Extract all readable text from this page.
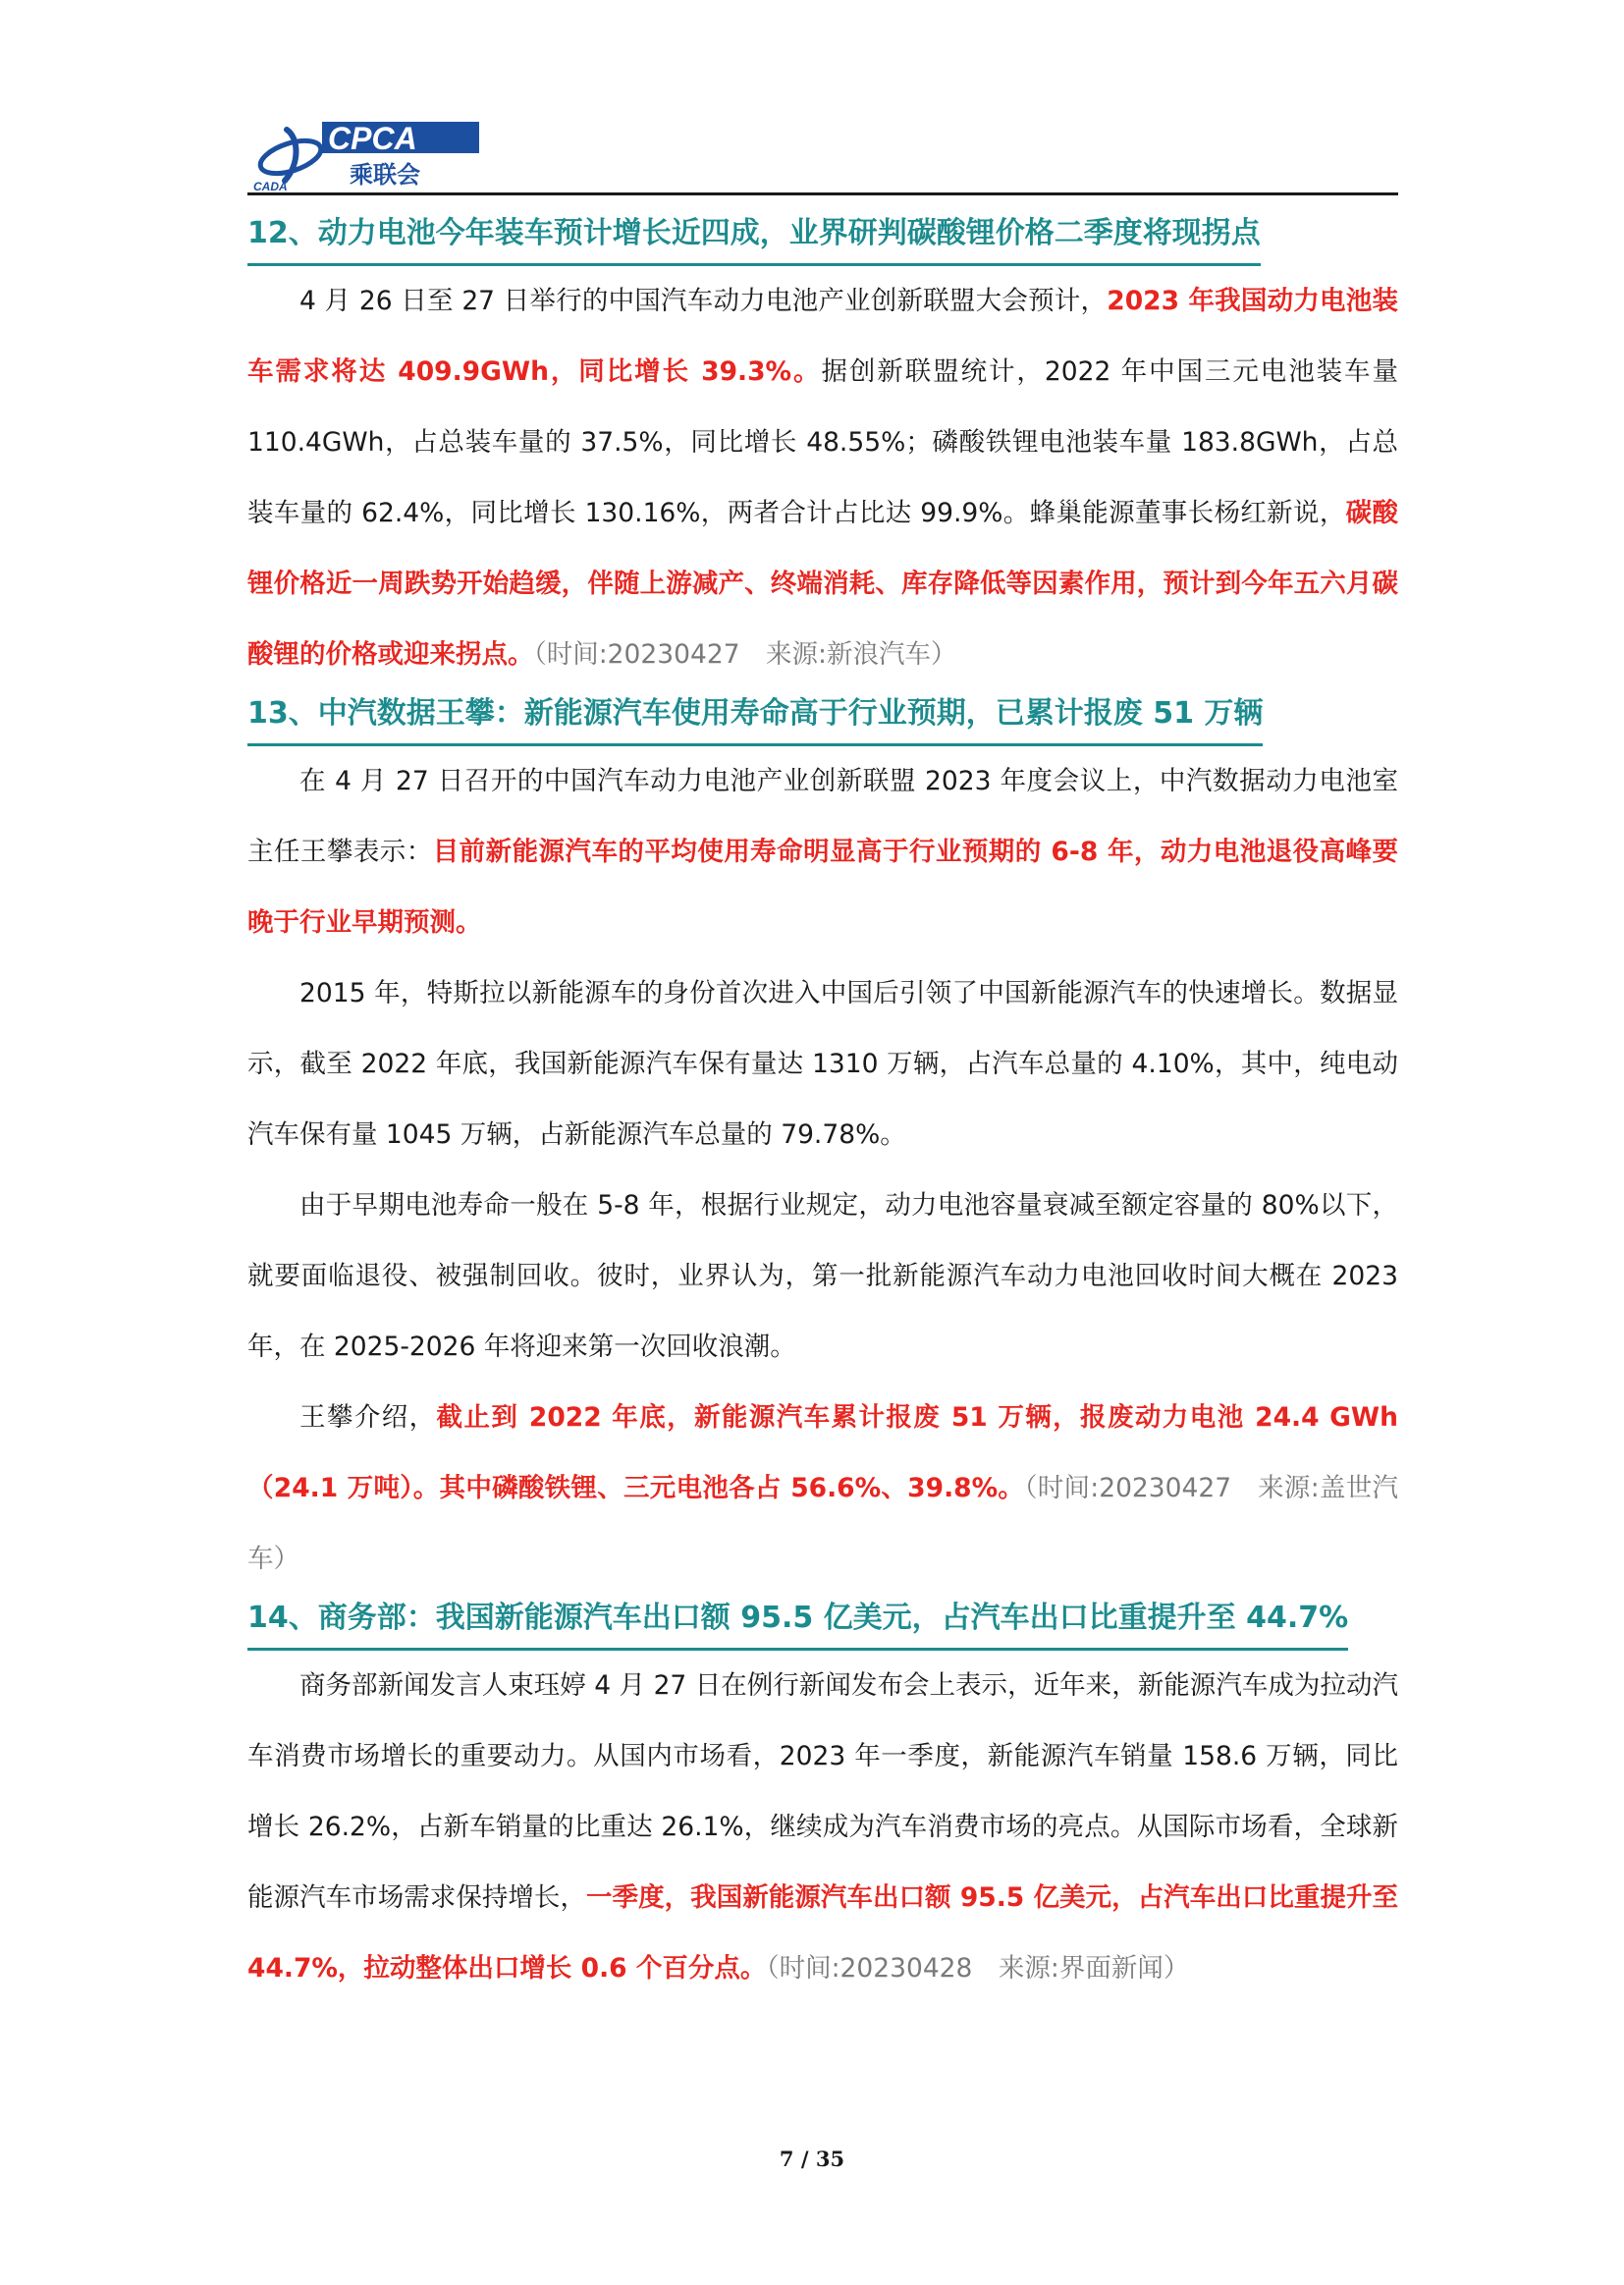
CADA
CPCA
乘联会
12、动力电池今年装车预计增长近四成，业界研判碳酸锂价格二季度将现拐点

4 月 26 日至 27 日举行的中国汽车动力电池产业创新联盟大会预计，2023 年我国动力电池装车需求将达 409.9GWh，同比增长 39.3%。据创新联盟统计，2022 年中国三元电池装车量 110.4GWh，占总装车量的 37.5%，同比增长 48.55%；磷酸铁锂电池装车量 183.8GWh，占总装车量的 62.4%，同比增长 130.16%，两者合计占比达 99.9%。蜂巢能源董事长杨红新说，碳酸锂价格近一周跌势开始趋缓，伴随上游减产、终端消耗、库存降低等因素作用，预计到今年五六月碳酸锂的价格或迎来拐点。（时间:20230427　来源:新浪汽车）

13、中汽数据王攀：新能源汽车使用寿命高于行业预期，已累计报废 51 万辆

在 4 月 27 日召开的中国汽车动力电池产业创新联盟 2023 年度会议上，中汽数据动力电池室主任王攀表示：目前新能源汽车的平均使用寿命明显高于行业预期的 6-8 年，动力电池退役高峰要晚于行业早期预测。

2015 年，特斯拉以新能源车的身份首次进入中国后引领了中国新能源汽车的快速增长。数据显示，截至 2022 年底，我国新能源汽车保有量达 1310 万辆，占汽车总量的 4.10%，其中，纯电动汽车保有量 1045 万辆，占新能源汽车总量的 79.78%。

由于早期电池寿命一般在 5-8 年，根据行业规定，动力电池容量衰减至额定容量的 80%以下，就要面临退役、被强制回收。彼时，业界认为，第一批新能源汽车动力电池回收时间大概在 2023 年，在 2025-2026 年将迎来第一次回收浪潮。

王攀介绍，截止到 2022 年底，新能源汽车累计报废 51 万辆，报废动力电池 24.4 GWh（24.1 万吨）。其中磷酸铁锂、三元电池各占 56.6%、39.8%。（时间:20230427　来源:盖世汽车）

14、商务部：我国新能源汽车出口额 95.5 亿美元，占汽车出口比重提升至 44.7%

商务部新闻发言人束珏婷 4 月 27 日在例行新闻发布会上表示，近年来，新能源汽车成为拉动汽车消费市场增长的重要动力。从国内市场看，2023 年一季度，新能源汽车销量 158.6 万辆，同比增长 26.2%，占新车销量的比重达 26.1%，继续成为汽车消费市场的亮点。从国际市场看，全球新能源汽车市场需求保持增长，一季度，我国新能源汽车出口额 95.5 亿美元，占汽车出口比重提升至 44.7%，拉动整体出口增长 0.6 个百分点。（时间:20230428　来源:界面新闻）

7 / 35
